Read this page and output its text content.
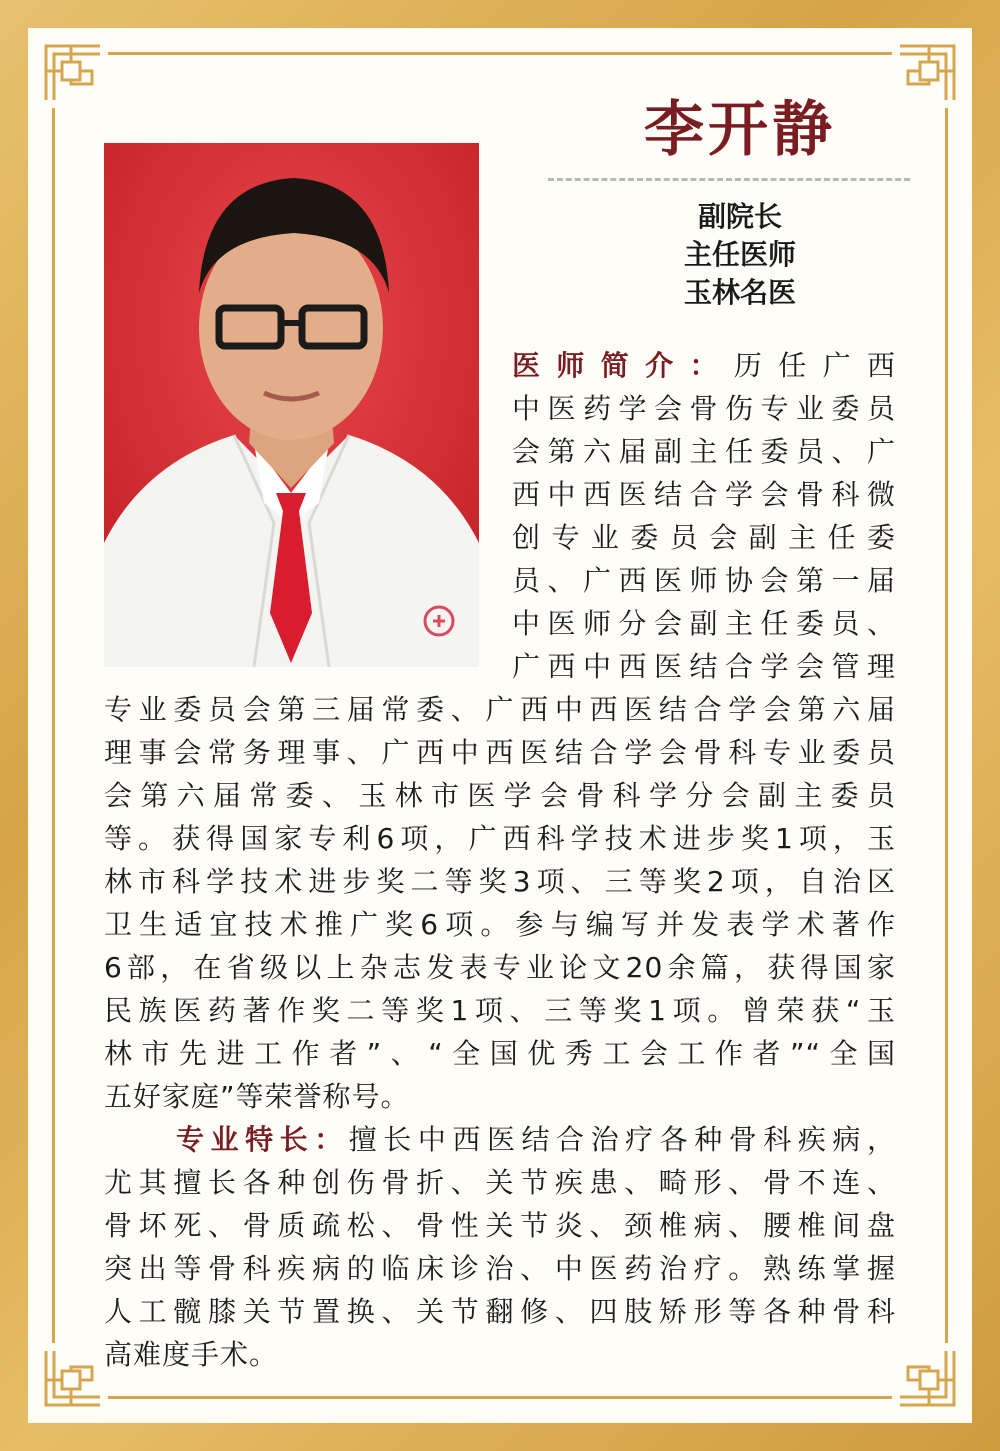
李开静
副院长
主任医师
玉林名医
医师简介：历任广西
中医药学会骨伤专业委员
会第六届副主任委员、广
西中西医结合学会骨科微
创专业委员会副主任委
员、广西医师协会第一届
中医师分会副主任委员、
广西中西医结合学会管理
专业委员会第三届常委、广西中西医结合学会第六届
理事会常务理事、广西中西医结合学会骨科专业委员
会第六届常委、玉林市医学会骨科学分会副主委员
等。获得国家专利6项，广西科学技术进步奖1项，玉
林市科学技术进步奖二等奖3项、三等奖2项，自治区
卫生适宜技术推广奖6项。参与编写并发表学术著作
6部，在省级以上杂志发表专业论文20余篇，获得国家
民族医药著作奖二等奖1项、三等奖1项。曾荣获“玉
林市先进工作者”、“全国优秀工会工作者”“全国
五好家庭”等荣誉称号。
专业特长：擅长中西医结合治疗各种骨科疾病，
尤其擅长各种创伤骨折、关节疾患、畸形、骨不连、
骨坏死、骨质疏松、骨性关节炎、颈椎病、腰椎间盘
突出等骨科疾病的临床诊治、中医药治疗。熟练掌握
人工髋膝关节置换、关节翻修、四肢矫形等各种骨科
高难度手术。
